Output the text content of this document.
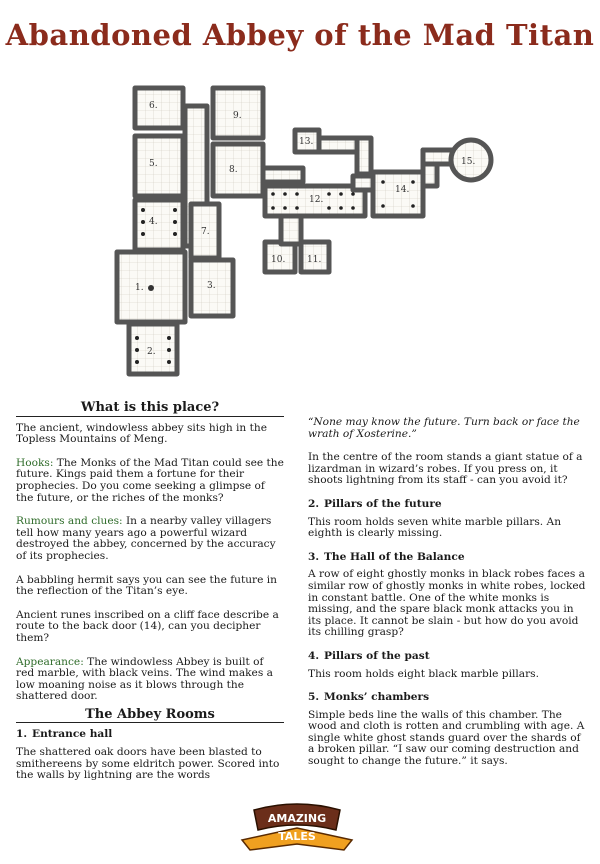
Abandoned Abbey of the Mad Titan
6.
5.
4.
9.
8.
7.
1.	3.
2.
12.
10. 11.
13.
14.
15.
What is this place?

The ancient, windowless abbey sits high in the Topless Mountains of Meng.

Hooks: The Monks of the Mad Titan could see the future. Kings paid them a fortune for their prophecies. Do you come seeking a glimpse of the future, or the riches of the monks?

Rumours and clues: In a nearby valley villagers tell how many years ago a powerful wizard destroyed the abbey, concerned by the accuracy of its prophecies.

A babbling hermit says you can see the future in the reflection of the Titan’s eye.

Ancient runes inscribed on a cliff face describe a route to the back door (14), can you decipher them?

Appearance: The windowless Abbey is built of red marble, with black veins. The wind makes a low moaning noise as it blows through the shattered door.

The Abbey Rooms
1. Entrance hall

The shattered oak doors have been blasted to smithereens by some eldritch power. Scored into the walls by lightning are the words

“None may know the future. Turn back or face the wrath of Xosterine.”

In the centre of the room stands a giant statue of a lizardman in wizard’s robes. If you press on, it shoots lightning from its staff - can you avoid it?

2. Pillars of the future

This room holds seven white marble pillars. An eighth is clearly missing.

3. The Hall of the Balance

A row of eight ghostly monks in black robes faces a similar row of ghostly monks in white robes, locked in constant battle. One of the white monks is missing, and the spare black monk attacks you in its place. It cannot be slain - but how do you avoid its chilling grasp?

4. Pillars of the past

This room holds eight black marble pillars.

5. Monks’ chambers

Simple beds line the walls of this chamber. The wood and cloth is rotten and crumbling with age. A single white ghost stands guard over the shards of a broken pillar. “I saw our coming destruction and sought to change the future.” it says.

AMAZING
TALES
